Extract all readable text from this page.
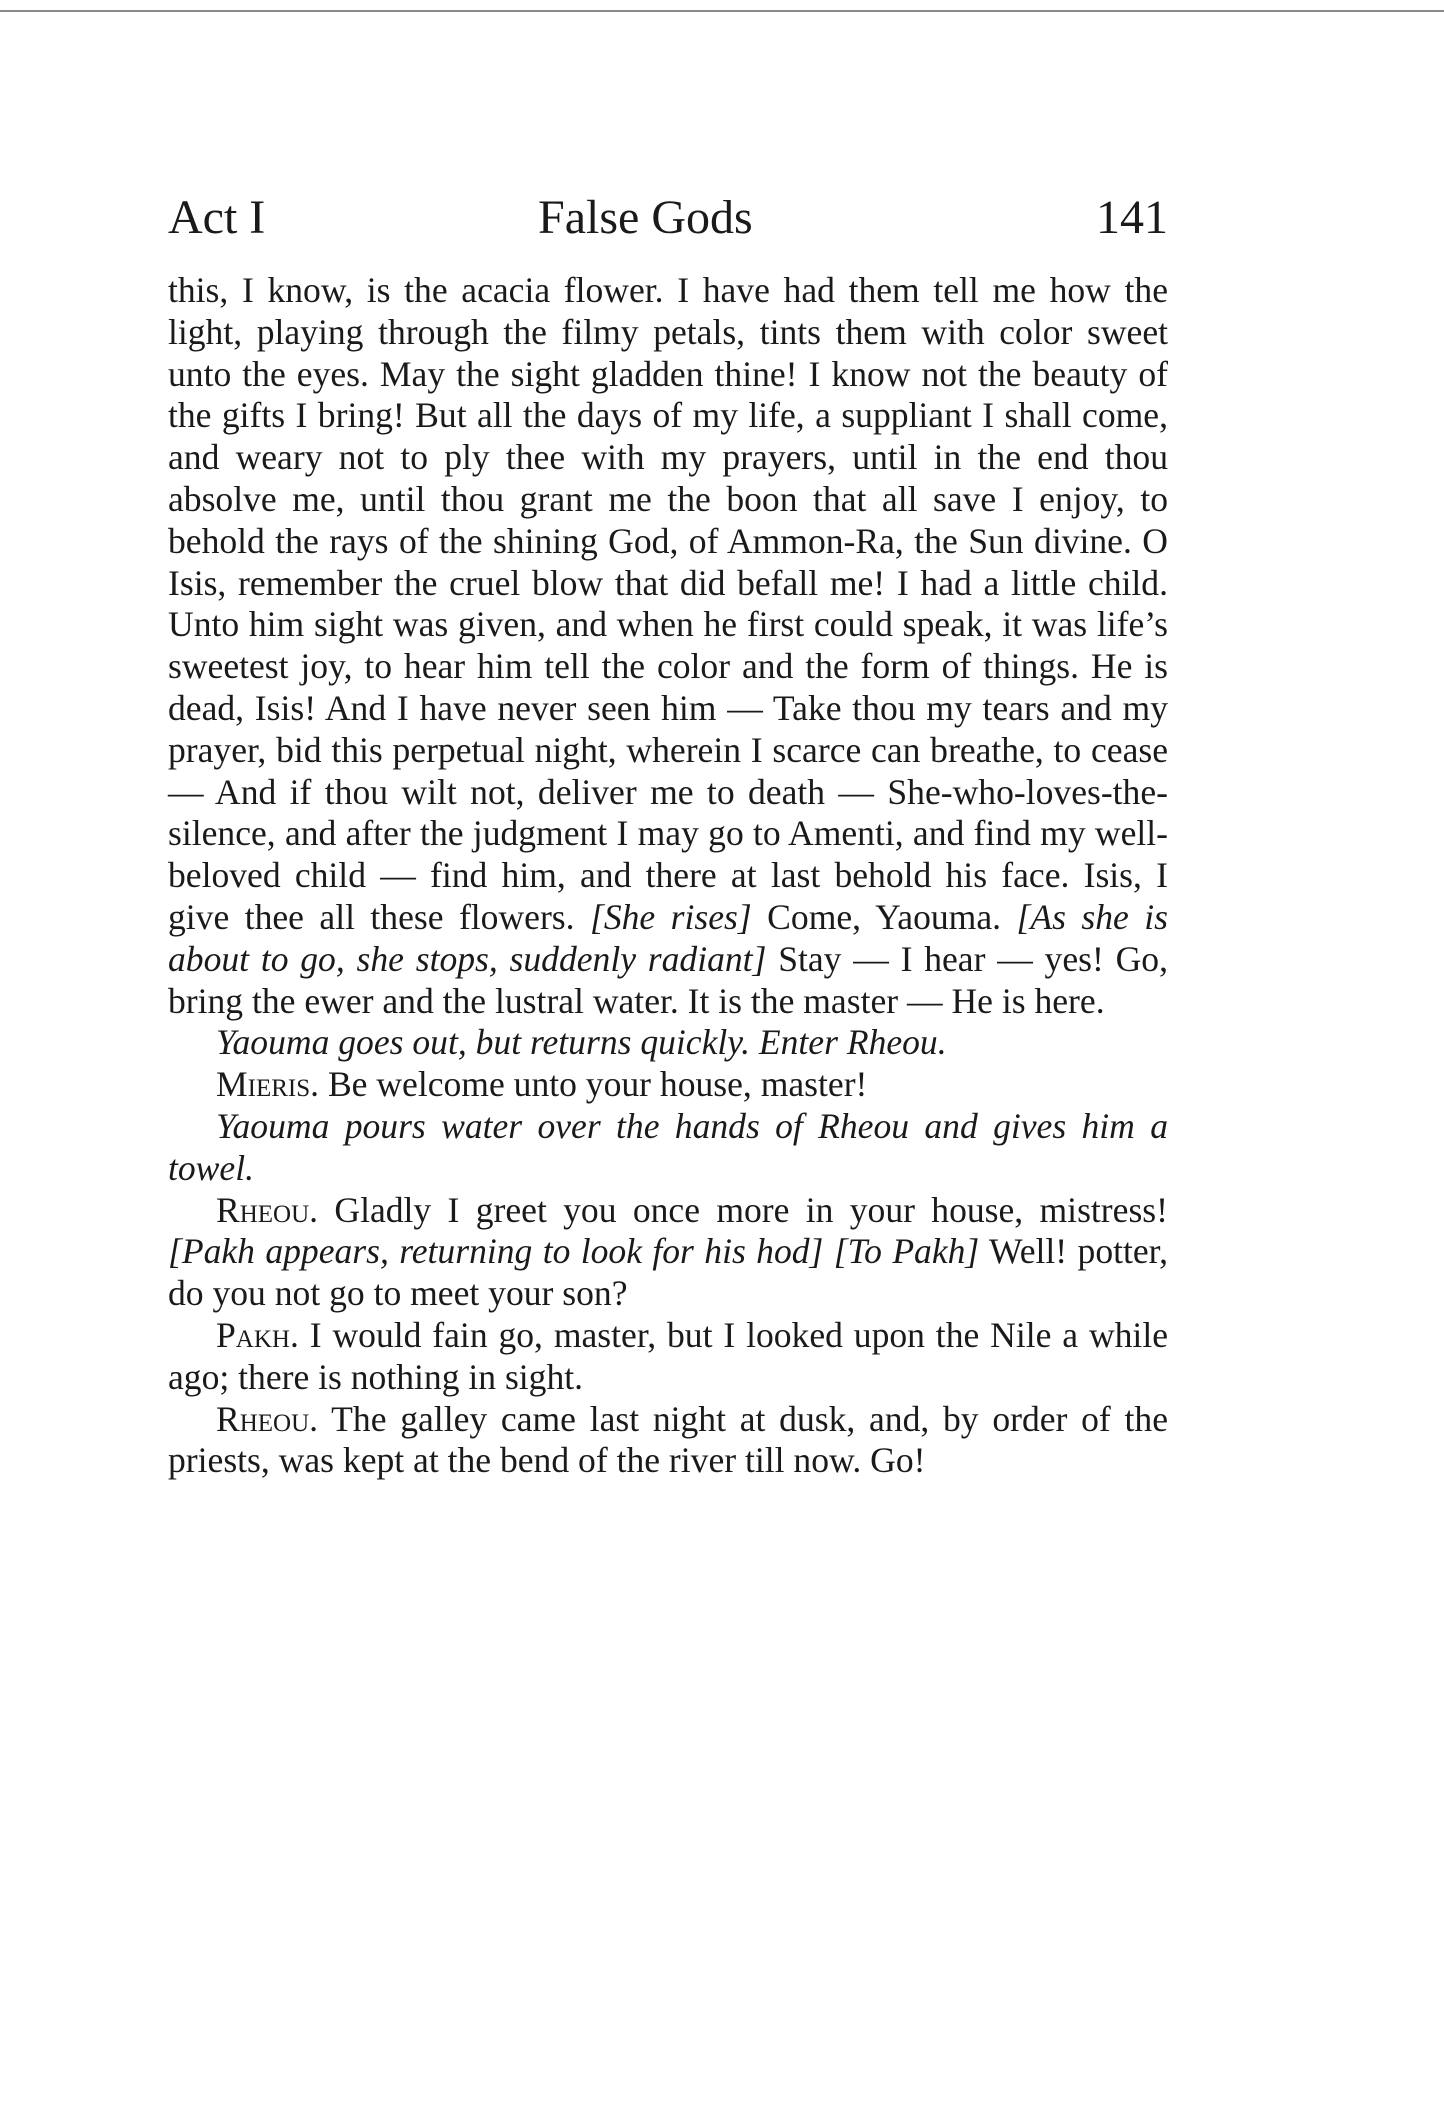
Act I	False Gods	141

this, I know, is the acacia flower. I have had them tell me how the light, playing through the filmy petals, tints them with color sweet unto the eyes. May the sight gladden thine! I know not the beauty of the gifts I bring! But all the days of my life, a suppliant I shall come, and weary not to ply thee with my prayers, until in the end thou absolve me, until thou grant me the boon that all save I enjoy, to behold the rays of the shining God, of Ammon-Ra, the Sun divine. O Isis, remember the cruel blow that did befall me! I had a little child. Unto him sight was given, and when he first could speak, it was life’s sweetest joy, to hear him tell the color and the form of things. He is dead, Isis! And I have never seen him — Take thou my tears and my prayer, bid this perpetual night, wherein I scarce can breathe, to cease — And if thou wilt not, deliver me to death — She-who-loves-the-silence, and after the judgment I may go to Amenti, and find my well-beloved child — find him, and there at last behold his face. Isis, I give thee all these flowers. [She rises] Come, Yaouma. [As she is about to go, she stops, suddenly radiant] Stay — I hear — yes! Go, bring the ewer and the lustral water. It is the master — He is here.

Yaouma goes out, but returns quickly. Enter Rheou.

Mieris. Be welcome unto your house, master!

Yaouma pours water over the hands of Rheou and gives him a towel.

Rheou. Gladly I greet you once more in your house, mistress! [Pakh appears, returning to look for his hod] [To Pakh] Well! potter, do you not go to meet your son?

Pakh. I would fain go, master, but I looked upon the Nile a while ago; there is nothing in sight.

Rheou. The galley came last night at dusk, and, by order of the priests, was kept at the bend of the river till now. Go!
